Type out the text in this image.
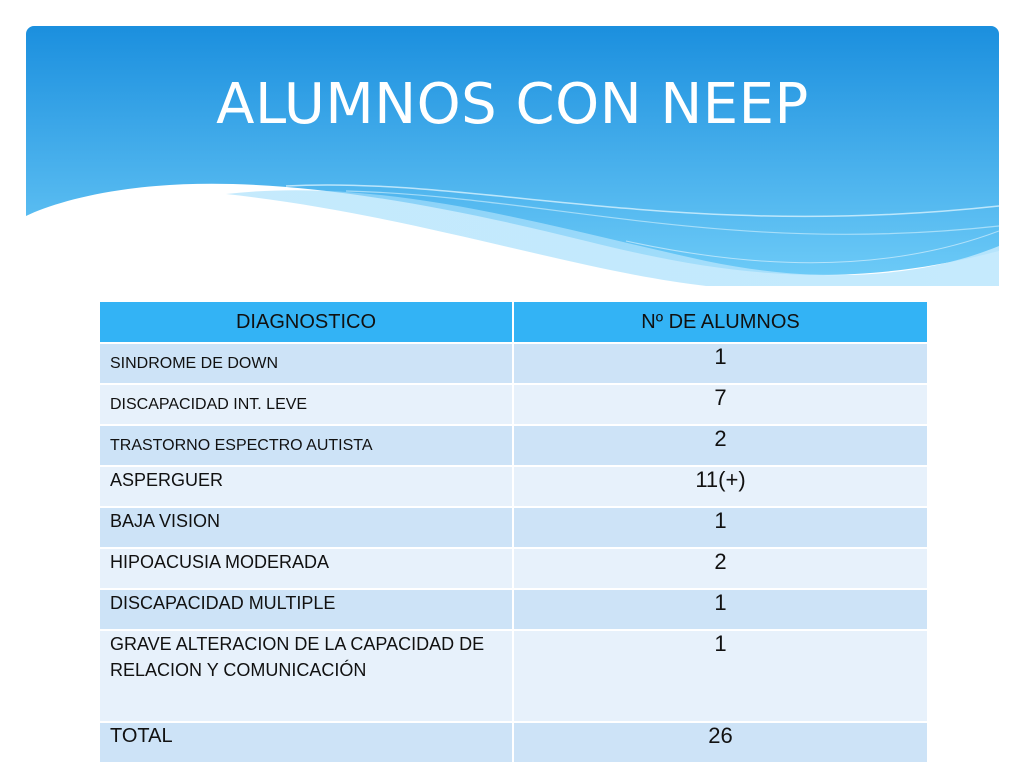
ALUMNOS CON NEEP
DIAGNOSTICO	Nº DE ALUMNOS
SINDROME DE DOWN	1
DISCAPACIDAD INT. LEVE	7
TRASTORNO ESPECTRO AUTISTA	2
ASPERGUER	11(+)
BAJA VISION	1
HIPOACUSIA MODERADA	2
DISCAPACIDAD MULTIPLE	1
GRAVE ALTERACION DE LA CAPACIDAD DE RELACION Y COMUNICACIÓN	1
TOTAL	26
